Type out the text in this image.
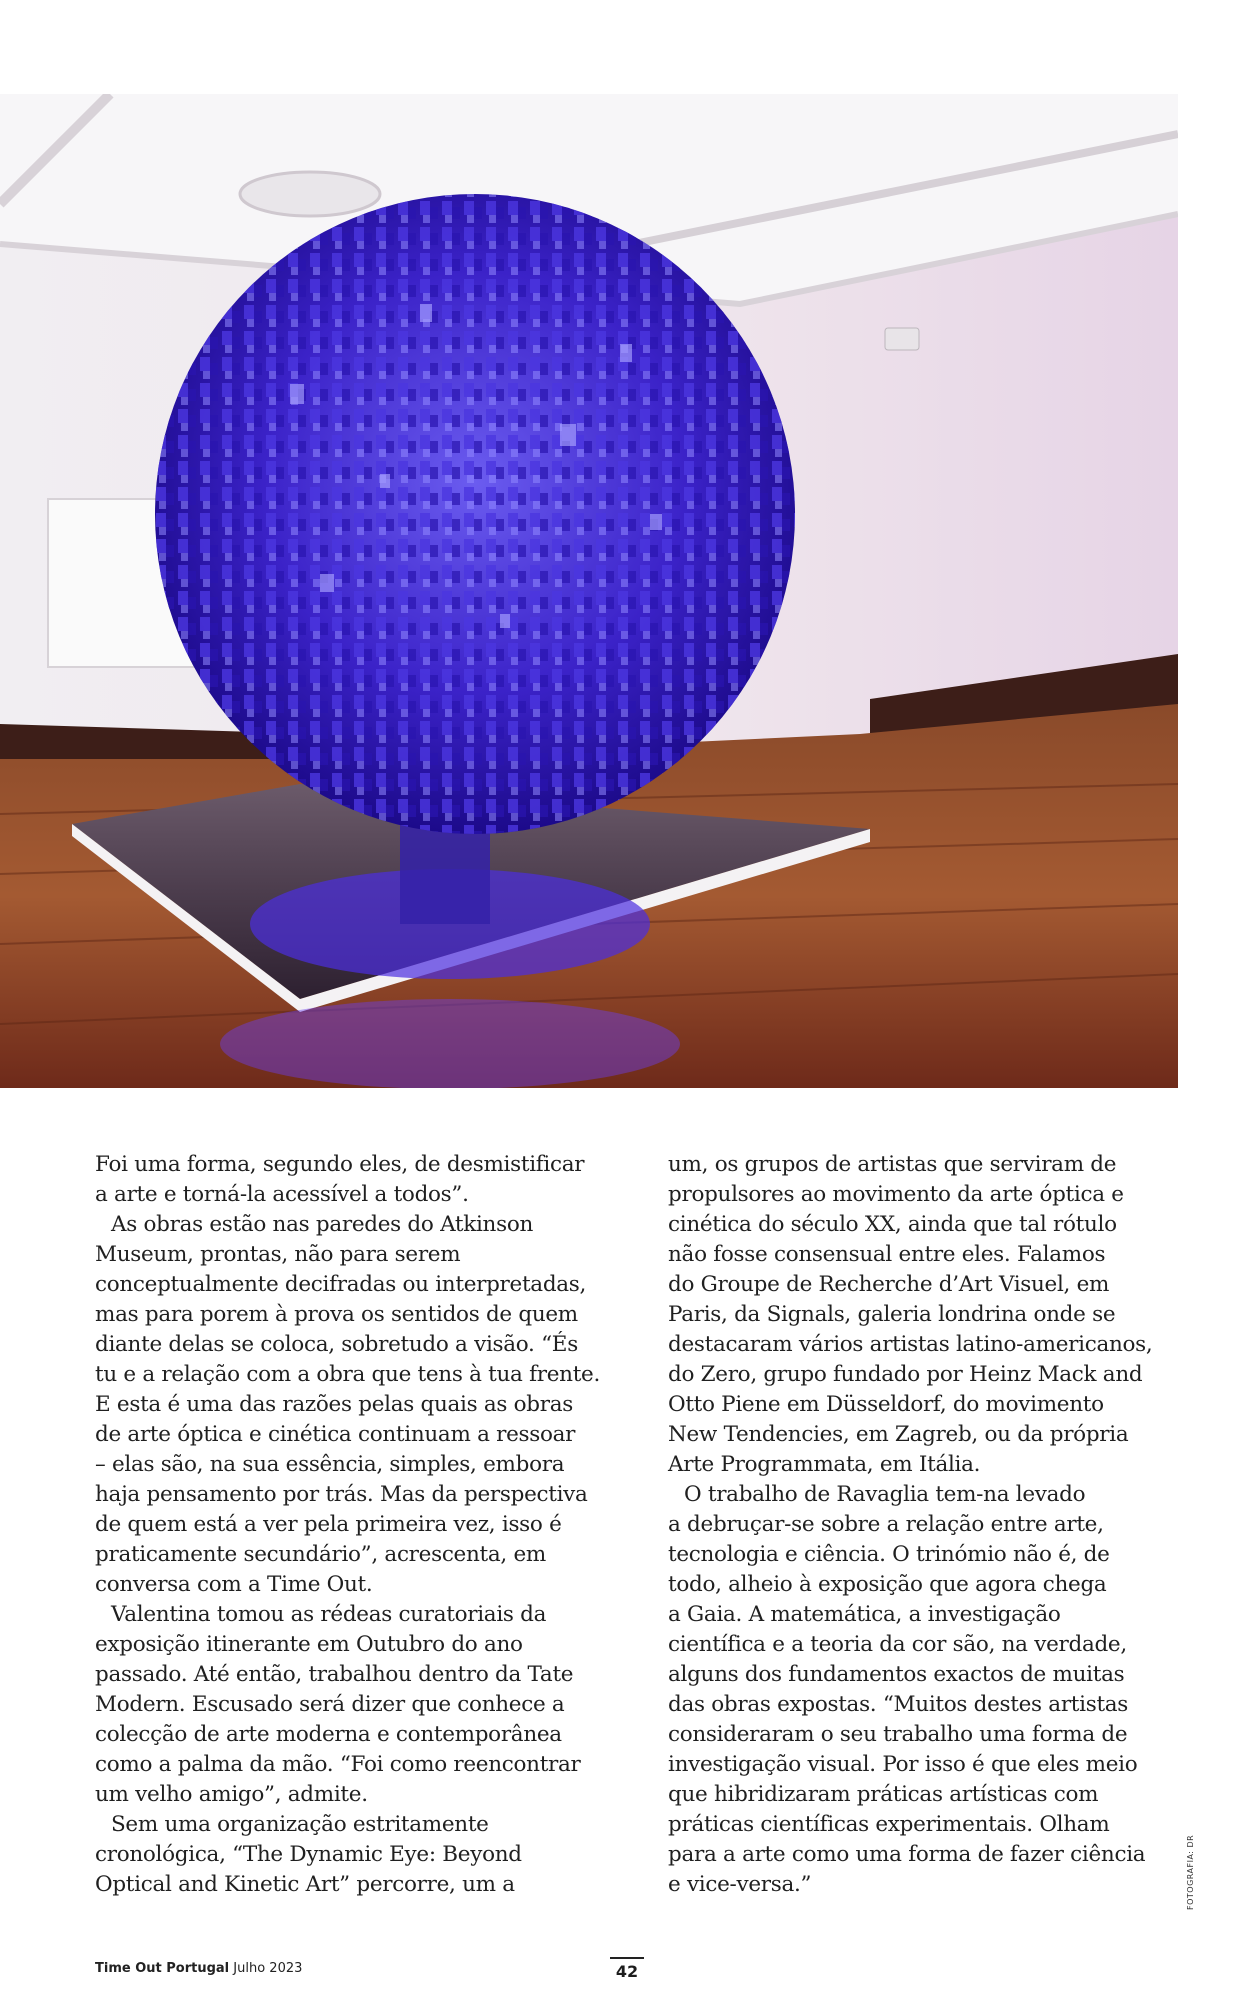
Foi uma forma, segundo eles, de desmistificar
a arte e torná-la acessível a todos”.

As obras estão nas paredes do Atkinson
Museum, prontas, não para serem
conceptualmente decifradas ou interpretadas,
mas para porem à prova os sentidos de quem
diante delas se coloca, sobretudo a visão. “És
tu e a relação com a obra que tens à tua frente.
E esta é uma das razões pelas quais as obras
de arte óptica e cinética continuam a ressoar
– elas são, na sua essência, simples, embora
haja pensamento por trás. Mas da perspectiva
de quem está a ver pela primeira vez, isso é
praticamente secundário”, acrescenta, em
conversa com a Time Out.

Valentina tomou as rédeas curatoriais da
exposição itinerante em Outubro do ano
passado. Até então, trabalhou dentro da Tate
Modern. Escusado será dizer que conhece a
colecção de arte moderna e contemporânea
como a palma da mão. “Foi como reencontrar
um velho amigo”, admite.

Sem uma organização estritamente
cronológica, “The Dynamic Eye: Beyond
Optical and Kinetic Art” percorre, um a

um, os grupos de artistas que serviram de
propulsores ao movimento da arte óptica e
cinética do século XX, ainda que tal rótulo
não fosse consensual entre eles. Falamos
do Groupe de Recherche d’Art Visuel, em
Paris, da Signals, galeria londrina onde se
destacaram vários artistas latino-americanos,
do Zero, grupo fundado por Heinz Mack and
Otto Piene em Düsseldorf, do movimento
New Tendencies, em Zagreb, ou da própria
Arte Programmata, em Itália.

O trabalho de Ravaglia tem-na levado
a debruçar-se sobre a relação entre arte,
tecnologia e ciência. O trinómio não é, de
todo, alheio à exposição que agora chega
a Gaia. A matemática, a investigação
científica e a teoria da cor são, na verdade,
alguns dos fundamentos exactos de muitas
das obras expostas. “Muitos destes artistas
consideraram o seu trabalho uma forma de
investigação visual. Por isso é que eles meio
que hibridizaram práticas artísticas com
práticas científicas experimentais. Olham
para a arte como uma forma de fazer ciência
e vice-versa.”

Time Out Portugal Julho 2023	42
FOTOGRAFIA: DR
